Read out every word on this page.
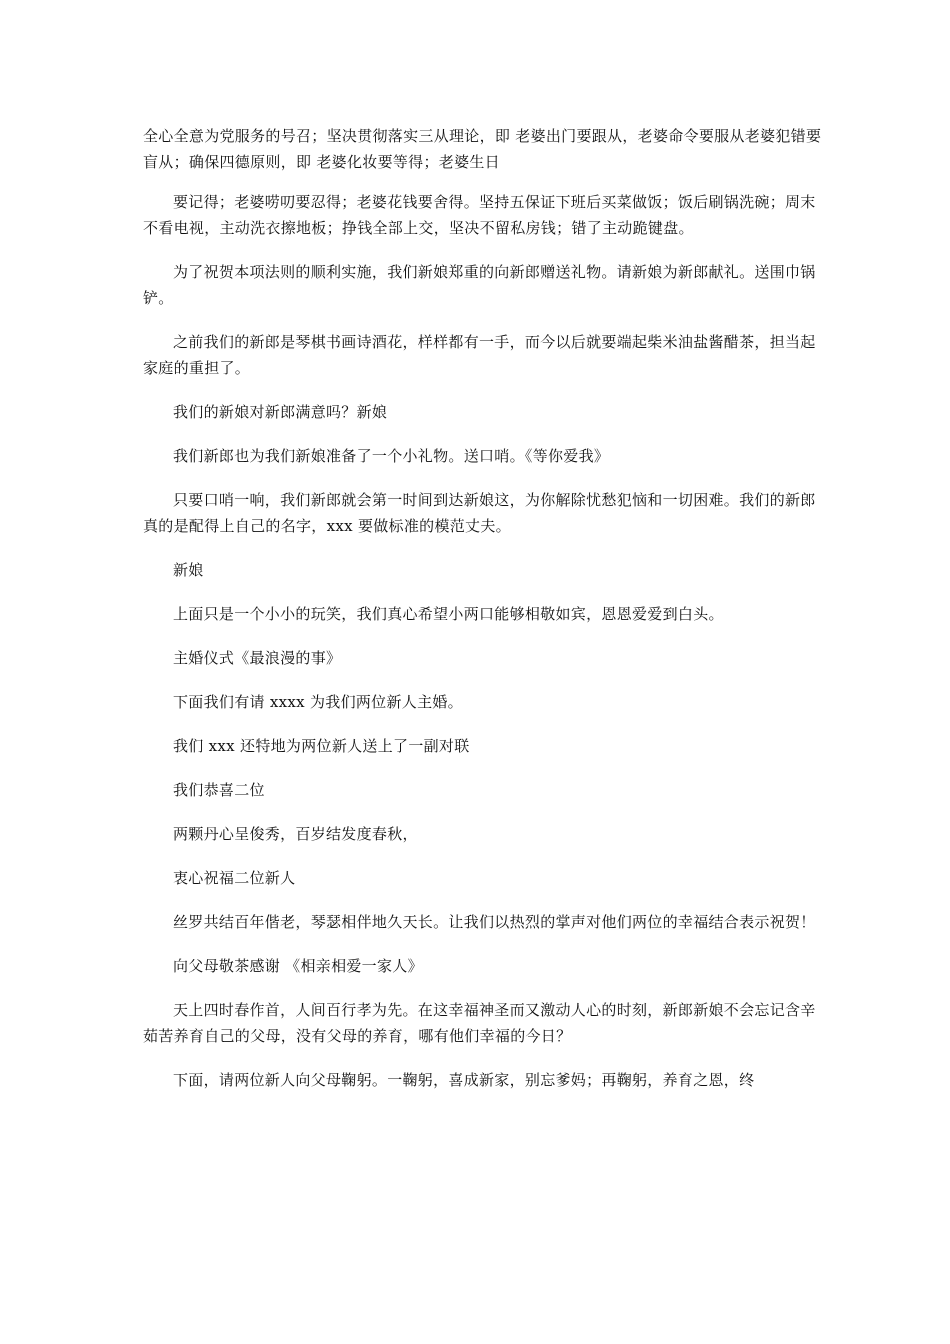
全心全意为党服务的号召；坚决贯彻落实三从理论，即 老婆出门要跟从，老婆命令要服从老婆犯错要盲从；确保四德原则，即 老婆化妆要等得；老婆生日

要记得；老婆唠叨要忍得；老婆花钱要舍得。坚持五保证下班后买菜做饭；饭后刷锅洗碗；周末不看电视，主动洗衣擦地板；挣钱全部上交，坚决不留私房钱；错了主动跪键盘。

为了祝贺本项法则的顺利实施，我们新娘郑重的向新郎赠送礼物。请新娘为新郎献礼。送围巾锅铲。

之前我们的新郎是琴棋书画诗酒花，样样都有一手，而今以后就要端起柴米油盐酱醋茶，担当起家庭的重担了。

我们的新娘对新郎满意吗？新娘

我们新郎也为我们新娘准备了一个小礼物。送口哨。《等你爱我》

只要口哨一响，我们新郎就会第一时间到达新娘这，为你解除忧愁犯恼和一切困难。我们的新郎真的是配得上自己的名字，xxx 要做标准的模范丈夫。

新娘

上面只是一个小小的玩笑，我们真心希望小两口能够相敬如宾，恩恩爱爱到白头。

主婚仪式《最浪漫的事》

下面我们有请 xxxx 为我们两位新人主婚。

我们 xxx 还特地为两位新人送上了一副对联

我们恭喜二位

两颗丹心呈俊秀，百岁结发度春秋，

衷心祝福二位新人

丝罗共结百年偕老，琴瑟相伴地久天长。让我们以热烈的掌声对他们两位的幸福结合表示祝贺！

向父母敬茶感谢 《相亲相爱一家人》

天上四时春作首，人间百行孝为先。在这幸福神圣而又激动人心的时刻，新郎新娘不会忘记含辛茹苦养育自己的父母，没有父母的养育，哪有他们幸福的今日？

下面，请两位新人向父母鞠躬。一鞠躬，喜成新家，别忘爹妈；再鞠躬，养育之恩，终
